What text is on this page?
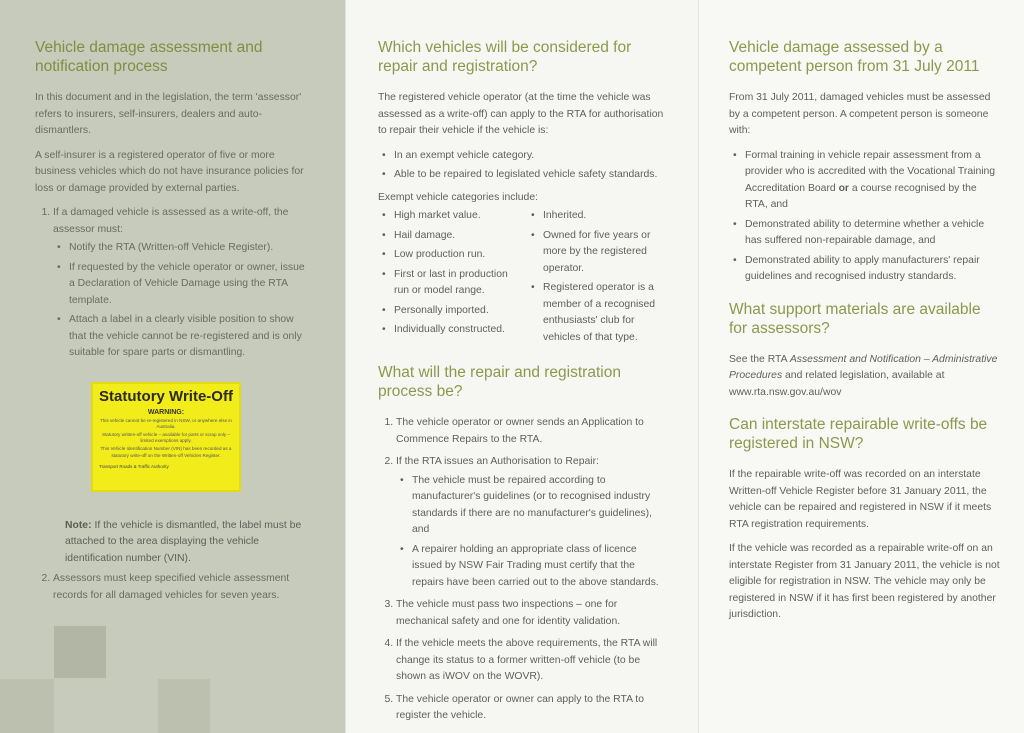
Vehicle damage assessment and notification process

In this document and in the legislation, the term 'assessor' refers to insurers, self-insurers, dealers and auto-dismantlers.

A self-insurer is a registered operator of five or more business vehicles which do not have insurance policies for loss or damage provided by external parties.

1. If a damaged vehicle is assessed as a write-off, the assessor must:
• Notify the RTA (Written-off Vehicle Register).
• If requested by the vehicle operator or owner, issue a Declaration of Vehicle Damage using the RTA template.
• Attach a label in a clearly visible position to show that the vehicle cannot be re-registered and is only suitable for spare parts or dismantling.
Statutory Write-Off
WARNING:
This vehicle cannot be re-registered in NSW, or anywhere else in Australia.
Statutory written-off vehicle – available for parts or scrap only – limited exemptions apply.
This Vehicle Identification Number (VIN) has been recorded as a statutory write-off on the Written-off Vehicles Register.
Transport Roads & Traffic Authority
Note: If the vehicle is dismantled, the label must be attached to the area displaying the vehicle identification number (VIN).
2. Assessors must keep specified vehicle assessment records for all damaged vehicles for seven years.
Which vehicles will be considered for repair and registration?

The registered vehicle operator (at the time the vehicle was assessed as a write-off) can apply to the RTA for authorisation to repair their vehicle if the vehicle is:

• In an exempt vehicle category.
• Able to be repaired to legislated vehicle safety standards.

Exempt vehicle categories include:

• High market value.
• Hail damage.
• Low production run.
• First or last in production run or model range.
• Personally imported.
• Individually constructed.
• Inherited.
• Owned for five years or more by the registered operator.
• Registered operator is a member of a recognised enthusiasts' club for vehicles of that type.
What will the repair and registration process be?
1. The vehicle operator or owner sends an Application to Commence Repairs to the RTA.
2. If the RTA issues an Authorisation to Repair:
• The vehicle must be repaired according to manufacturer's guidelines (or to recognised industry standards if there are no manufacturer's guidelines), and
• A repairer holding an appropriate class of licence issued by NSW Fair Trading must certify that the repairs have been carried out to the above standards.
3. The vehicle must pass two inspections – one for mechanical safety and one for identity validation.
4. If the vehicle meets the above requirements, the RTA will change its status to a former written-off vehicle (to be shown as iWOV on the WOVR).
5. The vehicle operator or owner can apply to the RTA to register the vehicle.
Vehicle damage assessed by a competent person from 31 July 2011

From 31 July 2011, damaged vehicles must be assessed by a competent person. A competent person is someone with:

• Formal training in vehicle repair assessment from a provider who is accredited with the Vocational Training Accreditation Board or a course recognised by the RTA, and
• Demonstrated ability to determine whether a vehicle has suffered non-repairable damage, and
• Demonstrated ability to apply manufacturers' repair guidelines and recognised industry standards.
What support materials are available for assessors?

See the RTA Assessment and Notification – Administrative Procedures and related legislation, available at www.rta.nsw.gov.au/wov

Can interstate repairable write-offs be registered in NSW?

If the repairable write-off was recorded on an interstate Written-off Vehicle Register before 31 January 2011, the vehicle can be repaired and registered in NSW if it meets RTA registration requirements.

If the vehicle was recorded as a repairable write-off on an interstate Register from 31 January 2011, the vehicle is not eligible for registration in NSW. The vehicle may only be registered in NSW if it has first been registered by another jurisdiction.
